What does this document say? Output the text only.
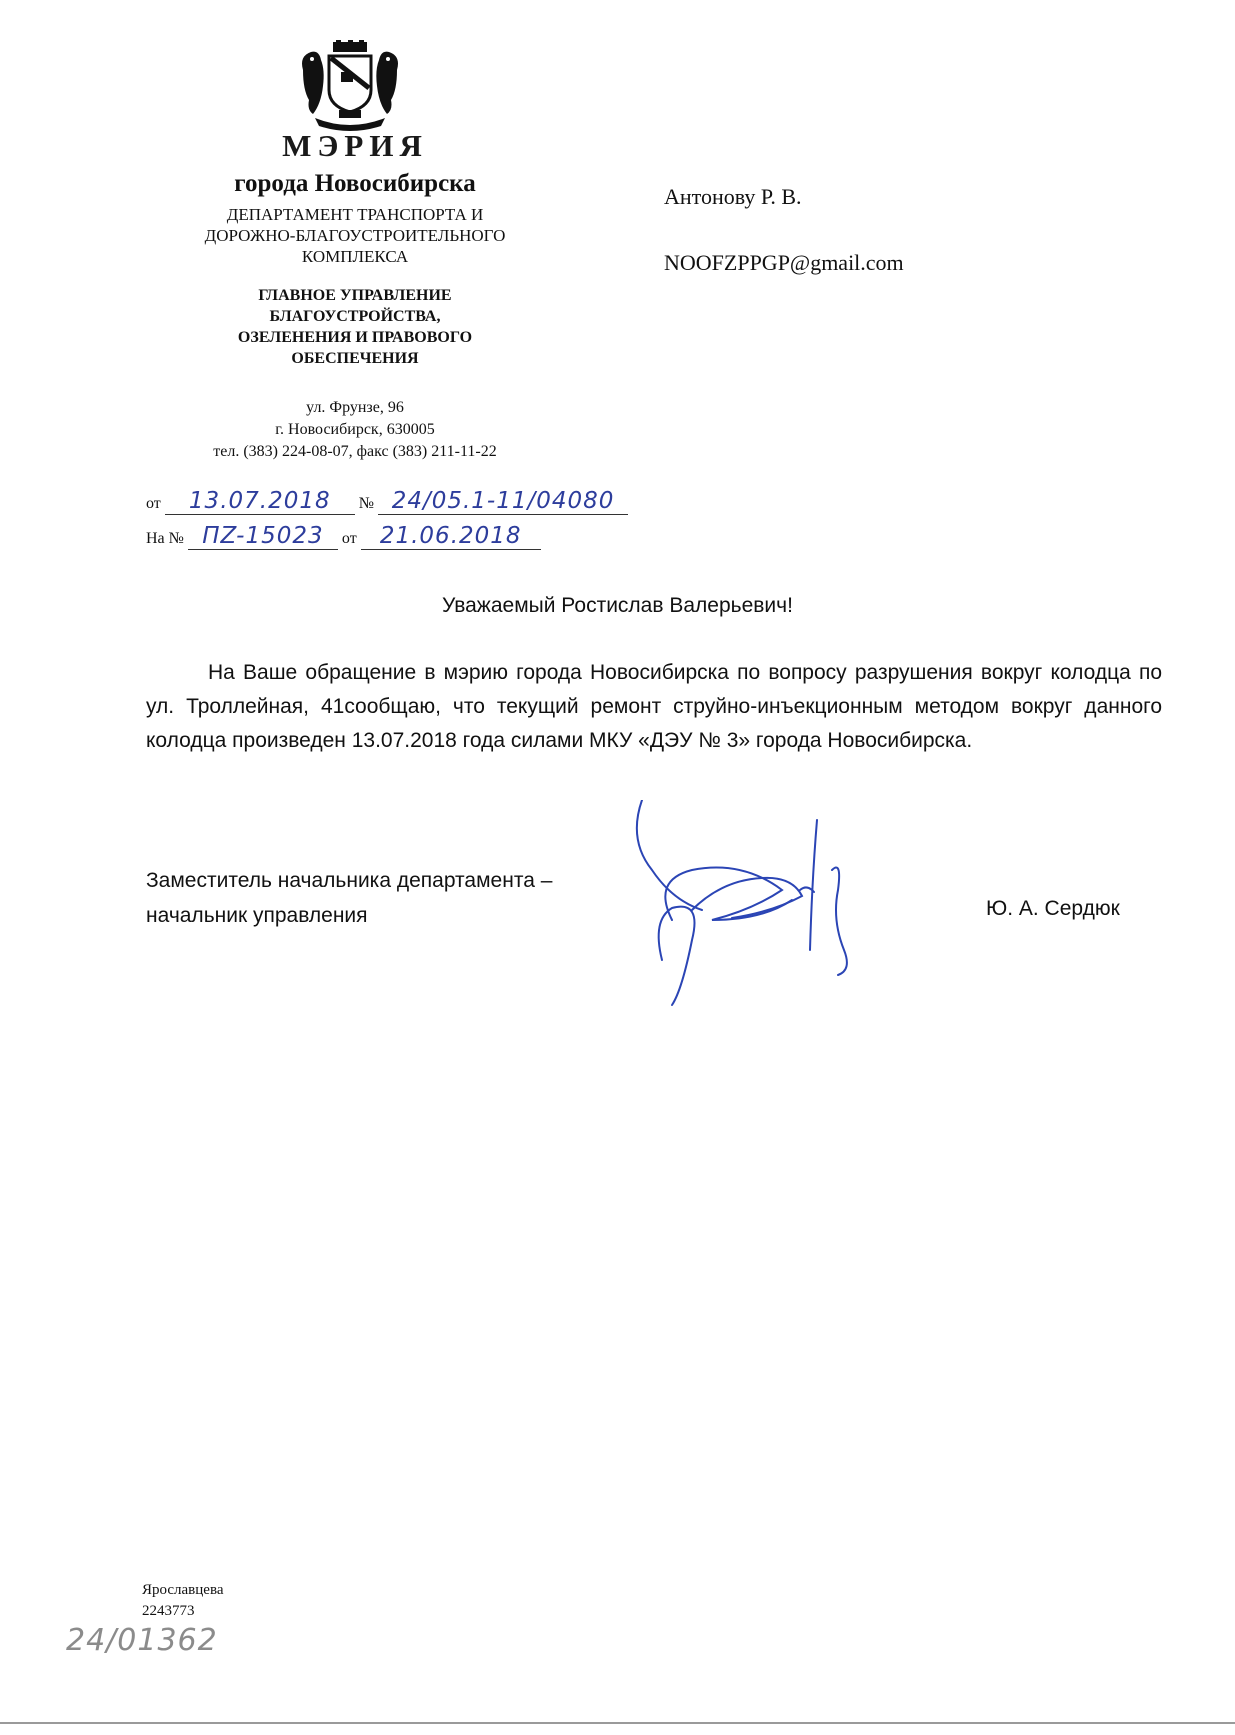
МЭРИЯ
города Новосибирска
ДЕПАРТАМЕНТ ТРАНСПОРТА И
ДОРОЖНО-БЛАГОУСТРОИТЕЛЬНОГО
КОМПЛЕКСА
ГЛАВНОЕ УПРАВЛЕНИЕ
БЛАГОУСТРОЙСТВА,
ОЗЕЛЕНЕНИЯ И ПРАВОВОГО
ОБЕСПЕЧЕНИЯ
ул. Фрунзе, 96
г. Новосибирск, 630005
тел. (383) 224-08-07, факс (383) 211-11-22
от 13.07.2018 № 24/05.1-11/04080
На № ПZ-15023 от 21.06.2018
Антонову Р. В.
NOOFZPPGP@gmail.com
Уважаемый Ростислав Валерьевич!
На Ваше обращение в мэрию города Новосибирска по вопросу разрушения вокруг колодца по ул. Троллейная, 41сообщаю, что текущий ремонт струйно-инъекционным методом вокруг данного колодца произведен 13.07.2018 года силами МКУ «ДЭУ № 3» города Новосибирска.
Заместитель начальника департамента –
начальник управления	Ю. А. Сердюк
Ярославцева
2243773
24/01362
